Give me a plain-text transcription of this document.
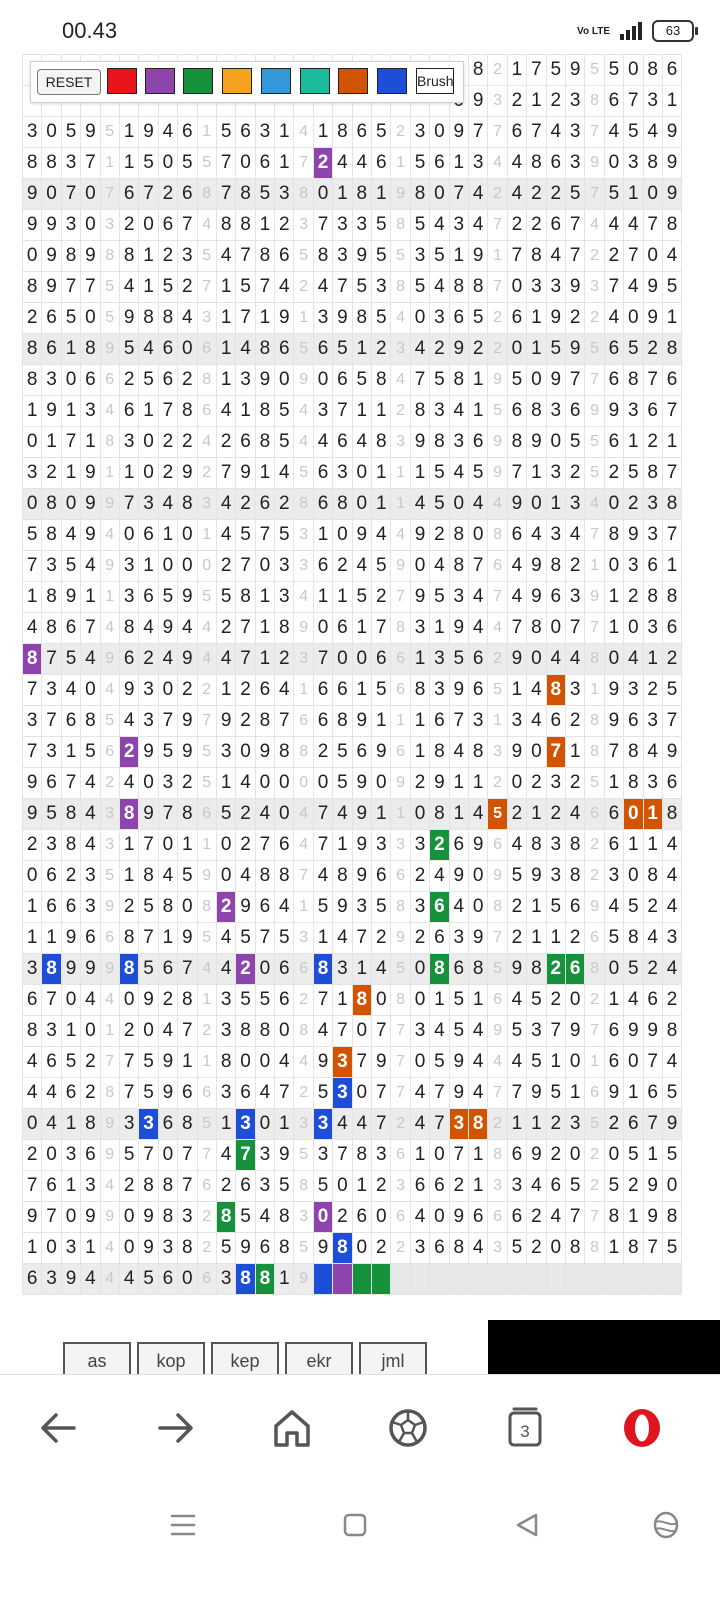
00.43	Vo LTE	63
																							8	2	1	7	5	9	5	5	0	8	6
																							9	3	2	1	2	3	8	6	7	3	1
3	0	5	9	5	1	9	4	6	1	5	6	3	1	4	1	8	6	5	2	3	0	9	7	7	6	7	4	3	7	4	5	4	9
8	8	3	7	1	1	5	0	5	5	7	0	6	1	7	2	4	4	6	1	5	6	1	3	4	4	8	6	3	9	0	3	8	9
9	0	7	0	7	6	7	2	6	8	7	8	5	3	8	0	1	8	1	9	8	0	7	4	2	4	2	2	5	7	5	1	0	9
9	9	3	0	3	2	0	6	7	4	8	8	1	2	3	7	3	3	5	8	5	4	3	4	7	2	2	6	7	4	4	4	7	8
0	9	8	9	8	8	1	2	3	5	4	7	8	6	5	8	3	9	5	5	3	5	1	9	1	7	8	4	7	2	2	7	0	4
8	9	7	7	5	4	1	5	2	7	1	5	7	4	2	4	7	5	3	8	5	4	8	8	7	0	3	3	9	3	7	4	9	5
2	6	5	0	5	9	8	8	4	3	1	7	1	9	1	3	9	8	5	4	0	3	6	5	2	6	1	9	2	2	4	0	9	1
8	6	1	8	9	5	4	6	0	6	1	4	8	6	5	6	5	1	2	3	4	2	9	2	2	0	1	5	9	5	6	5	2	8
8	3	0	6	6	2	5	6	2	8	1	3	9	0	9	0	6	5	8	4	7	5	8	1	9	5	0	9	7	7	6	8	7	6
1	9	1	3	4	6	1	7	8	6	4	1	8	5	4	3	7	1	1	2	8	3	4	1	5	6	8	3	6	9	9	3	6	7
0	1	7	1	8	3	0	2	2	4	2	6	8	5	4	4	6	4	8	3	9	8	3	6	9	8	9	0	5	5	6	1	2	1
3	2	1	9	1	1	0	2	9	2	7	9	1	4	5	6	3	0	1	1	1	5	4	5	9	7	1	3	2	5	2	5	8	7
0	8	0	9	9	7	3	4	8	3	4	2	6	2	8	6	8	0	1	1	4	5	0	4	4	9	0	1	3	4	0	2	3	8
5	8	4	9	4	0	6	1	0	1	4	5	7	5	3	1	0	9	4	4	9	2	8	0	8	6	4	3	4	7	8	9	3	7
7	3	5	4	9	3	1	0	0	0	2	7	0	3	3	6	2	4	5	9	0	4	8	7	6	4	9	8	2	1	0	3	6	1
1	8	9	1	1	3	6	5	9	5	5	8	1	3	4	1	1	5	2	7	9	5	3	4	7	4	9	6	3	9	1	2	8	8
4	8	6	7	4	8	4	9	4	4	2	7	1	8	9	0	6	1	7	8	3	1	9	4	4	7	8	0	7	7	1	0	3	6
8	7	5	4	9	6	2	4	9	4	4	7	1	2	3	7	0	0	6	6	1	3	5	6	2	9	0	4	4	8	0	4	1	2
7	3	4	0	4	9	3	0	2	2	1	2	6	4	1	6	6	1	5	6	8	3	9	6	5	1	4	8	3	1	9	3	2	5
3	7	6	8	5	4	3	7	9	7	9	2	8	7	6	6	8	9	1	1	1	6	7	3	1	3	4	6	2	8	9	6	3	7
7	3	1	5	6	2	9	5	9	5	3	0	9	8	8	2	5	6	9	6	1	8	4	8	3	9	0	7	1	8	7	8	4	9
9	6	7	4	2	4	0	3	2	5	1	4	0	0	0	0	5	9	0	9	2	9	1	1	2	0	2	3	2	5	1	8	3	6
9	5	8	4	3	8	9	7	8	6	5	2	4	0	4	7	4	9	1	1	0	8	1	4	5	2	1	2	4	6	6	0	1	8
2	3	8	4	3	1	7	0	1	1	0	2	7	6	4	7	1	9	3	3	3	2	6	9	6	4	8	3	8	2	6	1	1	4
0	6	2	3	5	1	8	4	5	9	0	4	8	8	7	4	8	9	6	6	2	4	9	0	9	5	9	3	8	2	3	0	8	4
1	6	6	3	9	2	5	8	0	8	2	9	6	4	1	5	9	3	5	8	3	6	4	0	8	2	1	5	6	9	4	5	2	4
1	1	9	6	6	8	7	1	9	5	4	5	7	5	3	1	4	7	2	9	2	6	3	9	7	2	1	1	2	6	5	8	4	3
3	8	9	9	9	8	5	6	7	4	4	2	0	6	6	8	3	1	4	5	0	8	6	8	5	9	8	2	6	8	0	5	2	4
6	7	0	4	4	0	9	2	8	1	3	5	5	6	2	7	1	8	0	8	0	1	5	1	6	4	5	2	0	2	1	4	6	2
8	3	1	0	1	2	0	4	7	2	3	8	8	0	8	4	7	0	7	7	3	4	5	4	9	5	3	7	9	7	6	9	9	8
4	6	5	2	7	7	5	9	1	1	8	0	0	4	4	9	3	7	9	7	0	5	9	4	4	4	5	1	0	1	6	0	7	4
4	4	6	2	8	7	5	9	6	6	3	6	4	7	2	5	3	0	7	7	4	7	9	4	7	7	9	5	1	6	9	1	6	5
0	4	1	8	9	3	3	6	8	5	1	3	0	1	3	3	4	4	7	2	4	7	3	8	2	1	1	2	3	5	2	6	7	9
2	0	3	6	9	5	7	0	7	7	4	7	3	9	5	3	7	8	3	6	1	0	7	1	8	6	9	2	0	2	0	5	1	5
7	6	1	3	4	2	8	8	7	6	2	6	3	5	8	5	0	1	2	3	6	6	2	1	3	3	4	6	5	2	5	2	9	0
9	7	0	9	9	0	9	8	3	2	8	5	4	8	3	0	2	6	0	6	4	0	9	6	6	6	2	4	7	7	8	1	9	8
1	0	3	1	4	0	9	3	8	2	5	9	6	8	5	9	8	0	2	2	3	6	8	4	3	5	2	0	8	8	1	8	7	5
6	3	9	4	4	4	5	6	0	6	3	8	8	1	9																			
RESET	Brush
as	kop	kep	ekr	jml
3
